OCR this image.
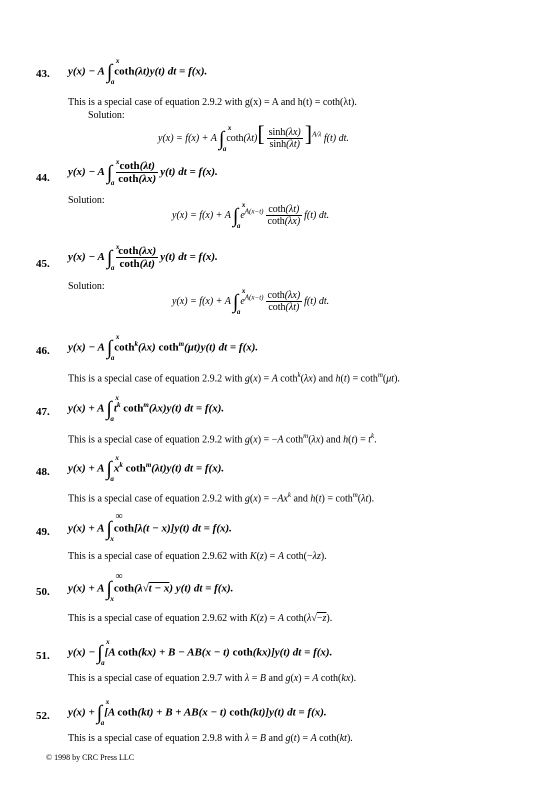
43. y(x) − A ∫ x
a
coth(λt)y(t) dt = f(x).
This is a special case of equation 2.9.2 with g(x) = A and h(t) = coth(λt).
Solution:
y(x) = f(x) + A ∫ x
a
$\cot h(\lambda t)[ \frac{\sinh(\lambda x)}{\sinh(\lambda t)} ]^{A/\lambda}$ f(t) dt.
44. y(x) − A ∫ x
a $\frac{\cot h(\lambda t)}{\cot h(\lambda x)} y(t)$ dt = f(x).
Solution:
y(x) = f(x) + A ∫ x
a
$e^{A(x-t)} \frac{\cot h(\lambda t)}{\cot h(\lambda x)} f(t)$ dt.
45.
y(x) − A ∫ x
a $\frac{\cot h(\lambda x)}{\cot h(\lambda t)} y(t)$ dt = f(x).
Solution:
y(x) = f(x) + A ∫ x
a
$e^{A(x-t)} \frac{\cot h(\lambda x)}{\cot h(\lambda t)} f(t)$ dt.
46. y(x) − A ∫ x
a
coth$^k$(λx) coth$^m$(μt)y(t) dt = f(x).
This is a special case of equation 2.9.2 with g(x) = A coth$^k$(λx) and h(t) = coth$^m$(μt).
47. y(x) + A ∫ x
a
$t^k$ coth$^m$(λx)y(t) dt = f(x).
This is a special case of equation 2.9.2 with g(x) = −A coth$^m$(λx) and $h(t) = t^k$.
48. y(x) + A ∫ x
a
$x^k$ coth$^m$(λt)y(t) dt = f(x).
This is a special case of equation 2.9.2 with $g(x) = -Ax^k$ and h(t) = coth$^m$(λt).
49. y(x) + A ∫
∞
x
coth[λ(t − x)]y(t) dt = f(x).
This is a special case of equation 2.9.62 with K(z) = A coth(−λz).
50. y(x) + A ∫
∞
x
coth(λ√t − x) y(t) dt = f(x).
This is a special case of equation 2.9.62 with K(z) = A coth(λ√−z).
51. y(x) − ∫ x
a
[A coth(kx) + B − AB(x − t) coth(kx)]y(t) dt = f(x).
This is a special case of equation 2.9.7 with λ = B and g(x) = A coth(kx).
52. y(x) + ∫ x
a
[A coth(kt) + B + AB(x − t) coth(kt)]y(t) dt = f(x).
This is a special case of equation 2.9.8 with λ = B and g(t) = A coth(kt).
© 1998 by CRC Press LLC
